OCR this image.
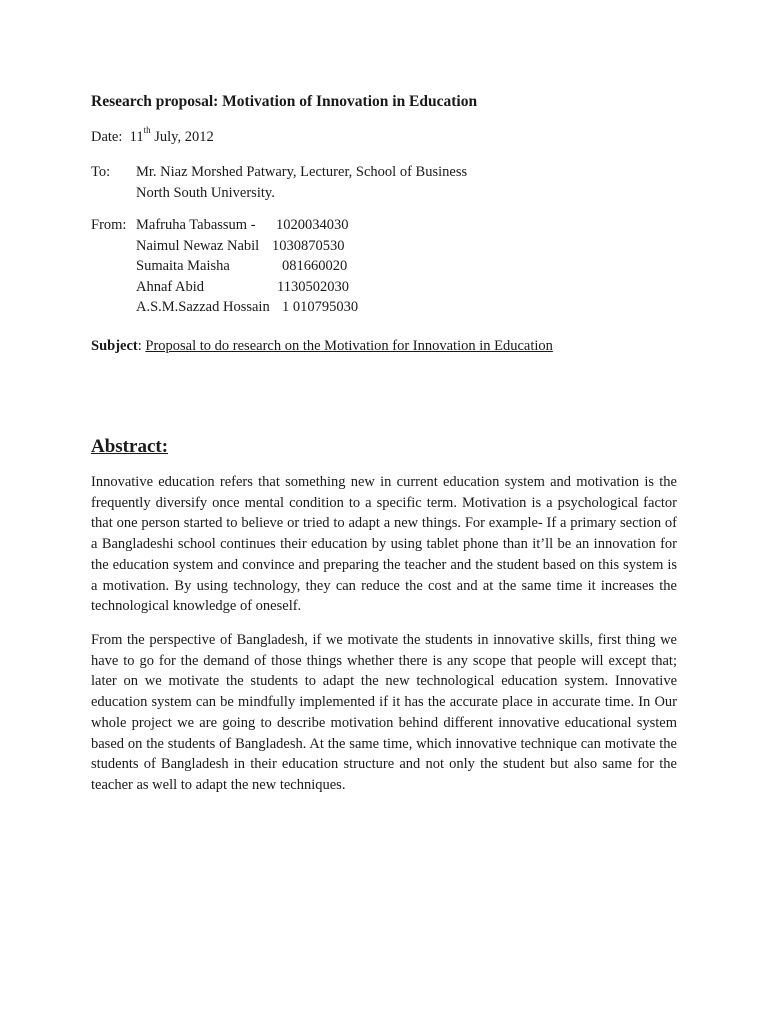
Research proposal: Motivation of Innovation in Education
Date: 11th July, 2012
To: Mr. Niaz Morshed Patwary, Lecturer, School of Business
North South University.
From: Mafruha Tabassum - 1020034030
Naimul Newaz Nabil 1030870530
Sumaita Maisha	081660020
Ahnaf Abid	1130502030
A.S.M.Sazzad Hossain 1 010795030
Subject: Proposal to do research on the Motivation for Innovation in Education
Abstract:

Innovative education refers that something new in current education system and motivation is the frequently diversify once mental condition to a specific term. Motivation is a psychological factor that one person started to believe or tried to adapt a new things. For example- If a primary section of a Bangladeshi school continues their education by using tablet phone than it’ll be an innovation for the education system and convince and preparing the teacher and the student based on this system is a motivation. By using technology, they can reduce the cost and at the same time it increases the technological knowledge of oneself.

From the perspective of Bangladesh, if we motivate the students in innovative skills, first thing we have to go for the demand of those things whether there is any scope that people will except that; later on we motivate the students to adapt the new technological education system. Innovative education system can be mindfully implemented if it has the accurate place in accurate time. In Our whole project we are going to describe motivation behind different innovative educational system based on the students of Bangladesh. At the same time, which innovative technique can motivate the students of Bangladesh in their education structure and not only the student but also same for the teacher as well to adapt the new techniques.
